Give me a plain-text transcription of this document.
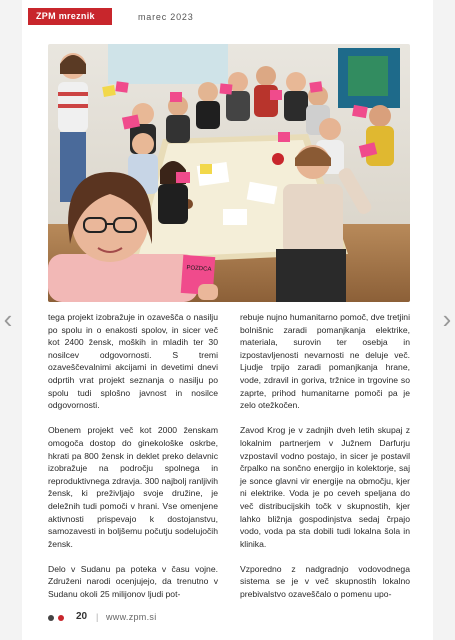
ZPM mreznik	marec 2023
POZDCA

tega projekt izobražuje in ozavešča o nasilju po spolu in o enakosti spolov, in sicer več kot 2400 žensk, moških in mladih ter 30 nosilcev odgovornosti. S tremi ozaveščevalnimi akcijami in devetimi dnevi odprtih vrat projekt seznanja o nasilju po spolu tudi splošno javnost in nosilce odgovornosti.

Obenem projekt več kot 2000 ženskam omogoča dostop do ginekološke oskrbe, hkrati pa 800 žensk in deklet preko delavnic izobražuje na področju spolnega in reproduktivnega zdravja. 300 najbolj ranljivih žensk, ki preživljajo svoje družine, je deležnih tudi pomoči v hrani. Vse omenjene aktivnosti prispevajo k dostojanstvu, samozavesti in boljšemu počutju sodelujočih žensk.

Delo v Sudanu pa poteka v času vojne. Združeni narodi ocenjujejo, da trenutno v Sudanu okoli 25 milijonov ljudi pot-

rebuje nujno humanitarno pomoč, dve tretjini bolnišnic zaradi pomanjkanja elektrike, materiala, surovin ter osebja in izpostavljenosti nevarnosti ne deluje več. Ljudje trpijo zaradi pomanjkanja hrane, vode, zdravil in goriva, tržnice in trgovine so zaprte, prihod humanitarne pomoči pa je zelo otežkočen.

Zavod Krog je v zadnjih dveh letih skupaj z lokalnim partnerjem v Južnem Darfurju vzpostavil vodno postajo, in sicer je postavil črpalko na sončno energijo in kolektorje, saj je sonce glavni vir energije na območju, kjer ni elektrike. Voda je po ceveh speljana do več distribucijskih točk v skupnostih, kjer lahko bližnja gospodinjstva sedaj črpajo vodo, voda pa sta dobili tudi lokalna šola in klinika.

Vzporedno z nadgradnjo vodovodnega sistema se je v več skupnostih lokalno prebivalstvo ozaveščalo o pomenu upo-

‹	›
20 | www.zpm.si
